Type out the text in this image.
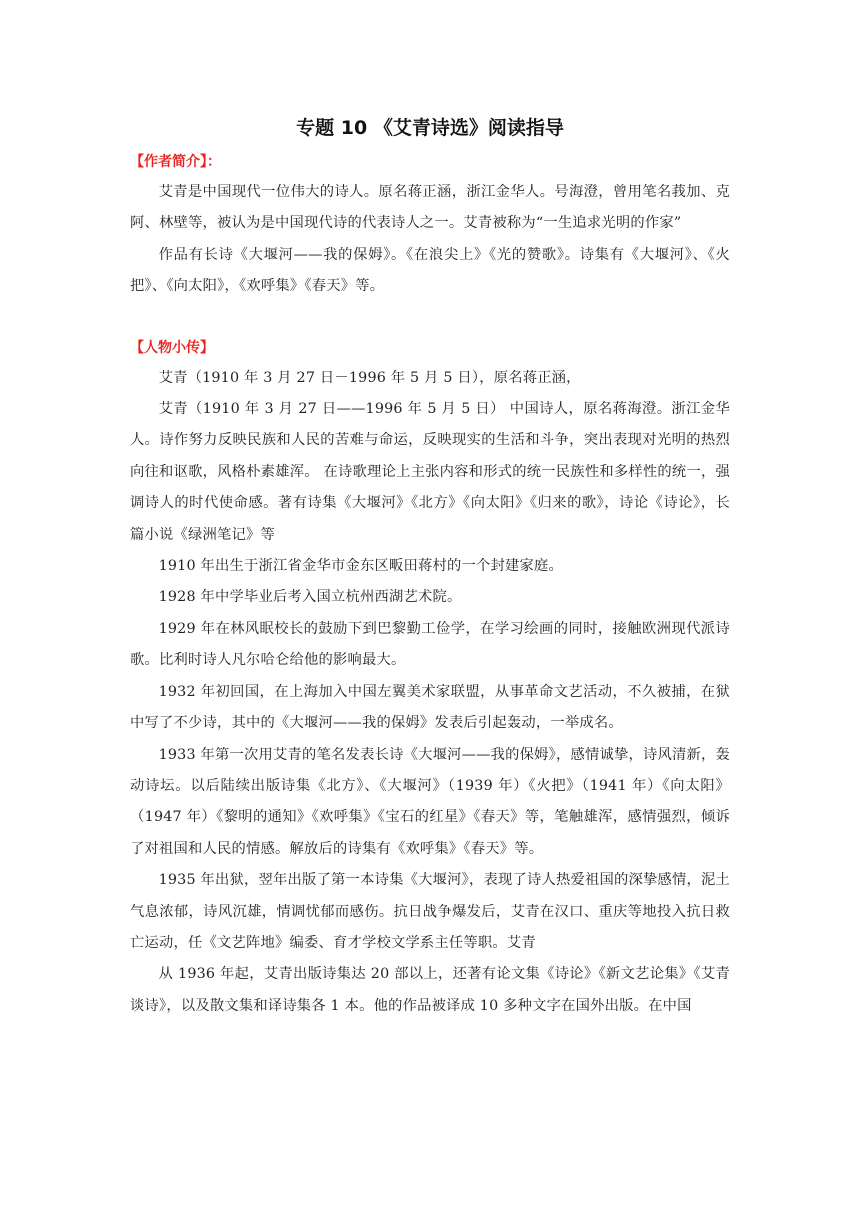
专题 10 《艾青诗选》阅读指导

【作者简介】：

艾青是中国现代一位伟大的诗人。原名蒋正涵，浙江金华人。号海澄，曾用笔名莪加、克阿、林壁等，被认为是中国现代诗的代表诗人之一。艾青被称为“一生追求光明的作家”

作品有长诗《大堰河——我的保姆》。《在浪尖上》《光的赞歌》。诗集有《大堰河》、《火把》、《向太阳》，《欢呼集》《春天》等。

【人物小传】

艾青（1910 年 3 月 27 日－1996 年 5 月 5 日），原名蒋正涵，

艾青（1910 年 3 月 27 日——1996 年 5 月 5 日） 中国诗人，原名蒋海澄。浙江金华人。诗作努力反映民族和人民的苦难与命运，反映现实的生活和斗争，突出表现对光明的热烈向往和讴歌，风格朴素雄浑。 在诗歌理论上主张内容和形式的统一民族性和多样性的统一，强调诗人的时代使命感。著有诗集《大堰河》《北方》《向太阳》《归来的歌》，诗论《诗论》，长篇小说《绿洲笔记》等

1910 年出生于浙江省金华市金东区畈田蒋村的一个封建家庭。

1928 年中学毕业后考入国立杭州西湖艺术院。

1929 年在林风眠校长的鼓励下到巴黎勤工俭学，在学习绘画的同时，接触欧洲现代派诗歌。比利时诗人凡尔哈仑给他的影响最大。

1932 年初回国，在上海加入中国左翼美术家联盟，从事革命文艺活动，不久被捕，在狱中写了不少诗，其中的《大堰河——我的保姆》发表后引起轰动，一举成名。

1933 年第一次用艾青的笔名发表长诗《大堰河——我的保姆》，感情诚挚，诗风清新，轰动诗坛。以后陆续出版诗集《北方》、《大堰河》（1939 年）《火把》（1941 年）《向太阳》（1947 年）《黎明的通知》《欢呼集》《宝石的红星》《春天》等，笔触雄浑，感情强烈，倾诉了对祖国和人民的情感。解放后的诗集有《欢呼集》《春天》等。

1935 年出狱，翌年出版了第一本诗集《大堰河》，表现了诗人热爱祖国的深挚感情，泥土气息浓郁，诗风沉雄，情调忧郁而感伤。抗日战争爆发后，艾青在汉口、重庆等地投入抗日救亡运动，任《文艺阵地》编委、育才学校文学系主任等职。艾青

从 1936 年起，艾青出版诗集达 20 部以上，还著有论文集《诗论》《新文艺论集》《艾青谈诗》，以及散文集和译诗集各 1 本。他的作品被译成 10 多种文字在国外出版。在中国
